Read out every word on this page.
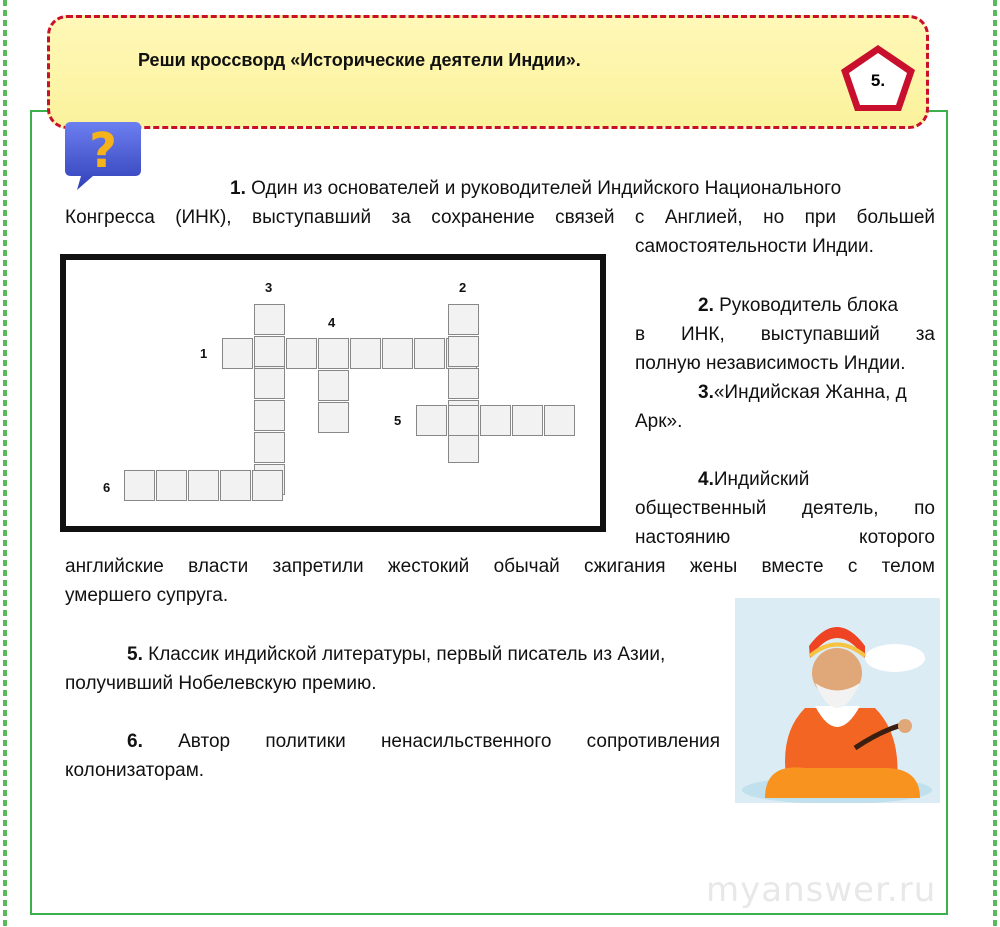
Реши кроссворд «Исторические деятели Индии».
5.
?
1. Один из основателей и руководителей Индийского Национального
Конгресса (ИНК), выступавший за сохранение связей с Англией, но при большей
самостоятельности Индии.
2. Руководитель блока
в ИНК, выступавший за
полную независимость Индии.
3.«Индийская Жанна, д
Арк».
4.Индийский
общественный деятель, по
настоянию которого
английские власти запретили жестокий обычай сжигания жены вместе с телом
умершего супруга.
5. Классик индийской литературы, первый писатель из Азии,
получивший Нобелевскую премию.
6. Автор политики ненасильственного сопротивления
колонизаторам.
1
2
3
4
5
6
myanswer.ru
